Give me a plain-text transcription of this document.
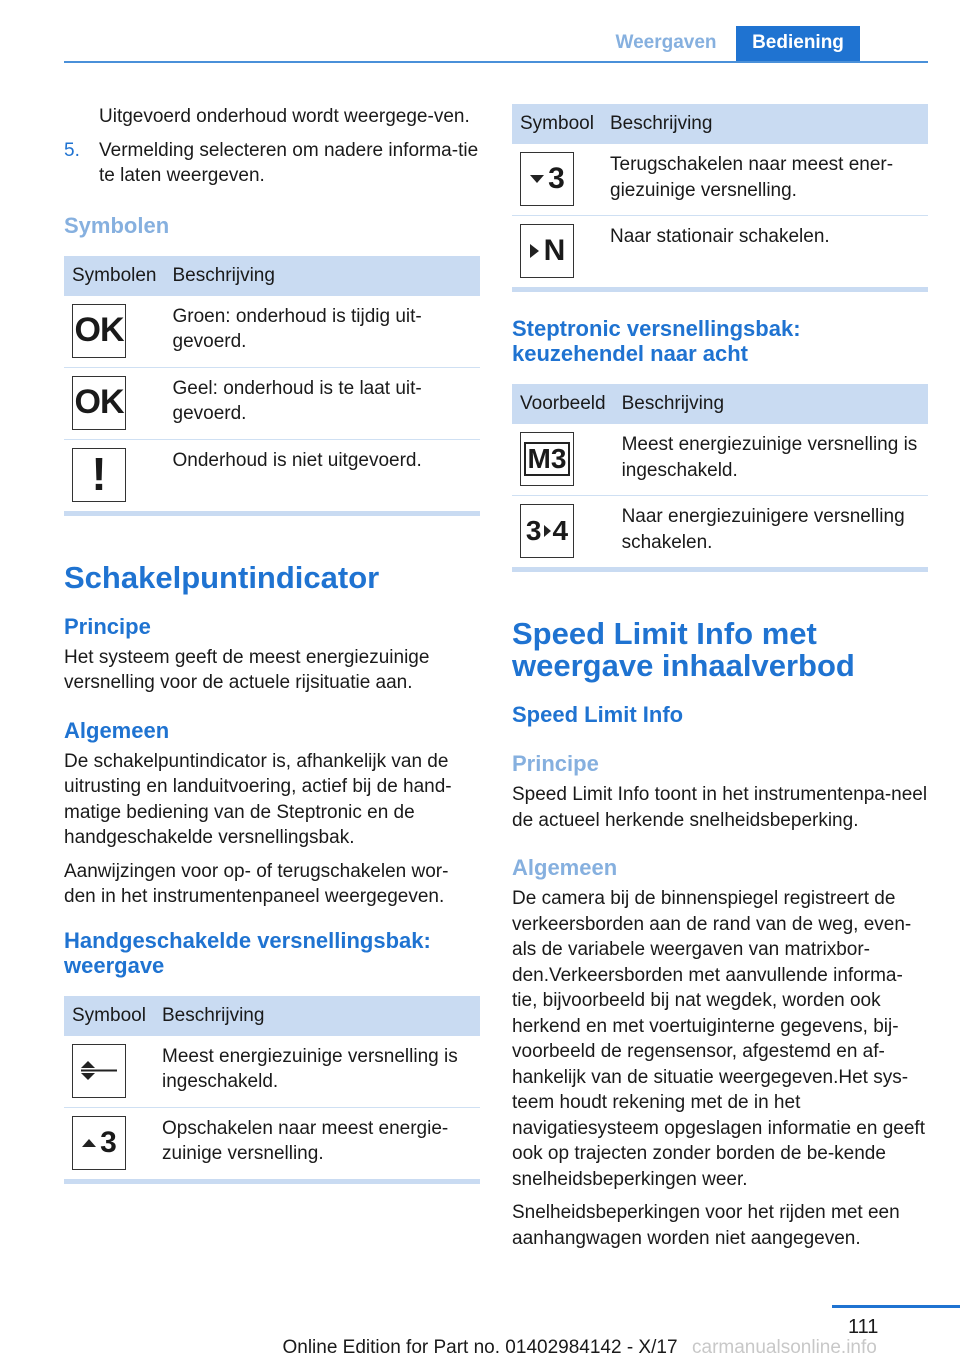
Weergaven	Bediening
Uitgevoerd onderhoud wordt weergege-ven.
5.	Vermelding selecteren om nadere informa-tie te laten weergeven.
Symbolen
Symbolen	Beschrijving

OK	Groen: onderhoud is tijdig uit-gevoerd.

OK	Geel: onderhoud is te laat uit-gevoerd.

!	Onderhoud is niet uitgevoerd.
Schakelpuntindicator
Principe
Het systeem geeft de meest energiezuinige versnelling voor de actuele rijsituatie aan.
Algemeen
De schakelpuntindicator is, afhankelijk van de uitrusting en landuitvoering, actief bij de hand-matige bediening van de Steptronic en de handgeschakelde versnellingsbak.
Aanwijzingen voor op- of terugschakelen wor-den in het instrumentenpaneel weergegeven.
Handgeschakelde versnellingsbak: weergave
Symbool	Beschrijving

	Meest energiezuinige versnelling is ingeschakeld.

3	Opschakelen naar meest energie-zuinige versnelling.
Symbool	Beschrijving

3	Terugschakelen naar meest ener-giezuinige versnelling.

N	Naar stationair schakelen.
Steptronic versnellingsbak: keuzehendel naar acht
Voorbeeld	Beschrijving

M3	Meest energiezuinige versnelling is ingeschakeld.

3 4	Naar energiezuinigere versnelling schakelen.
Speed Limit Info met weergave inhaalverbod
Speed Limit Info
Principe
Speed Limit Info toont in het instrumentenpa-neel de actueel herkende snelheidsbeperking.
Algemeen
De camera bij de binnenspiegel registreert de verkeersborden aan de rand van de weg, even-als de variabele weergaven van matrixbor-den.Verkeersborden met aanvullende informa-tie, bijvoorbeeld bij nat wegdek, worden ook herkend en met voertuiginterne gegevens, bij-voorbeeld de regensensor, afgestemd en af-hankelijk van de situatie weergegeven.Het sys-teem houdt rekening met de in het navigatiesysteem opgeslagen informatie en geeft ook op trajecten zonder borden de be-kende snelheidsbeperkingen weer.
Snelheidsbeperkingen voor het rijden met een aanhangwagen worden niet aangegeven.
111
Online Edition for Part no. 01402984142 - X/17 carmanualsonline.info
